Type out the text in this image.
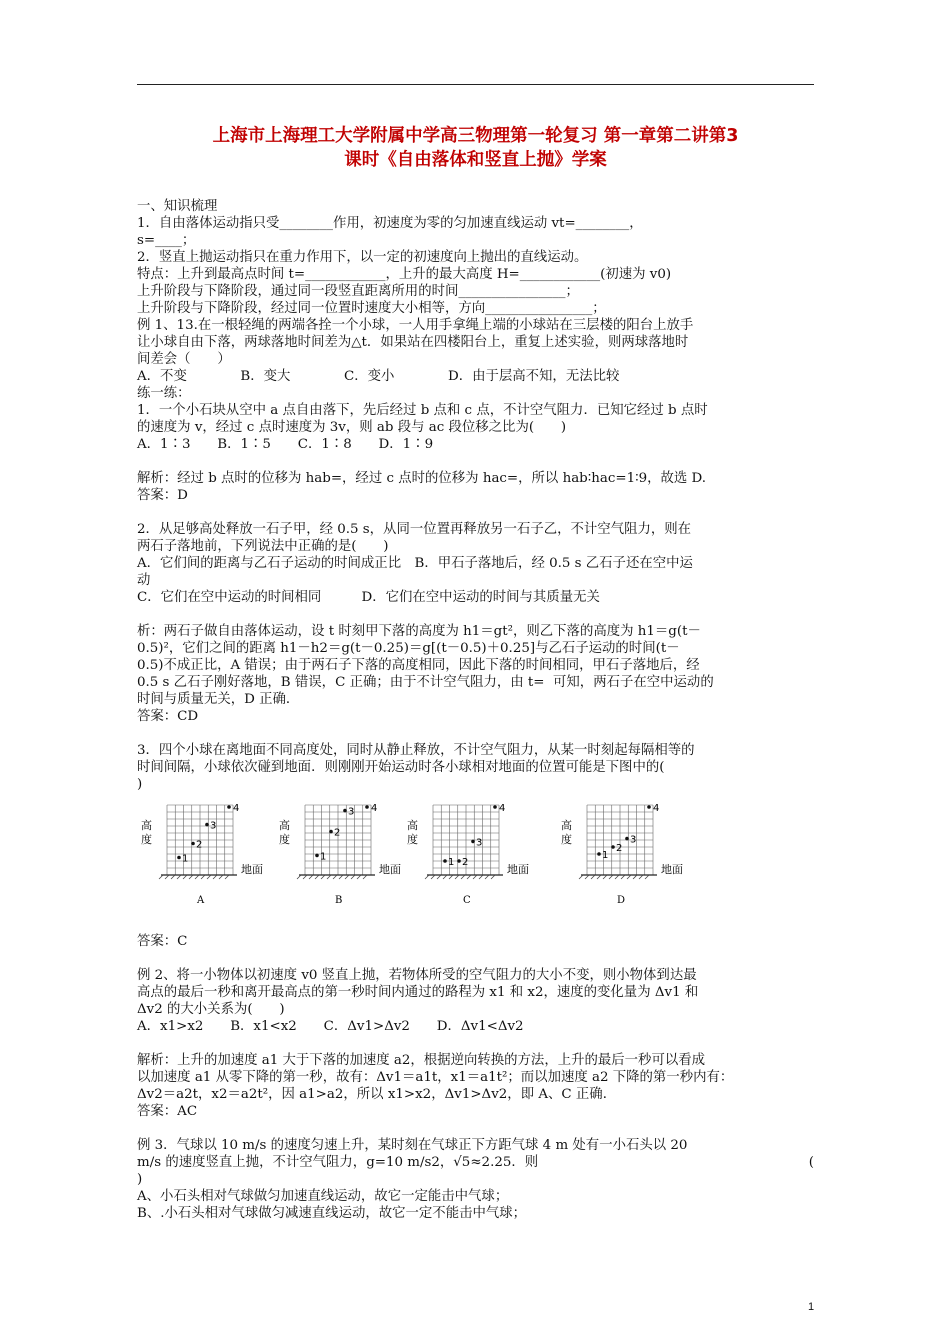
上海市上海理工大学附属中学高三物理第一轮复习 第一章第二讲第3
课时《自由落体和竖直上抛》学案

一、知识梳理

1．自由落体运动指只受________作用，初速度为零的匀加速直线运动 vt=________，

s=____；

2．竖直上抛运动指只在重力作用下，以一定的初速度向上抛出的直线运动。

特点：上升到最高点时间 t=____________，上升的最大高度 H=____________(初速为 v0)

上升阶段与下降阶段，通过同一段竖直距离所用的时间________________；

上升阶段与下降阶段，经过同一位置时速度大小相等，方向________________；

例 1、13.在一根轻绳的两端各拴一个小球，一人用手拿绳上端的小球站在三层楼的阳台上放手

让小球自由下落，两球落地时间差为△t．如果站在四楼阳台上，重复上述实验，则两球落地时

间差会（　　）

A．不变　　　　B．变大　　　　C．变小　　　　D．由于层高不知，无法比较

练一练：

1．一个小石块从空中 a 点自由落下，先后经过 b 点和 c 点，不计空气阻力．已知它经过 b 点时

的速度为 v，经过 c 点时速度为 3v，则 ab 段与 ac 段位移之比为(　　)

A．1∶3　　B．1∶5　　C．1∶8　　D．1∶9

解析：经过 b 点时的位移为 hab=，经过 c 点时的位移为 hac=，所以 hab∶hac=1∶9，故选 D.

答案：D

2．从足够高处释放一石子甲，经 0.5 s，从同一位置再释放另一石子乙，不计空气阻力，则在

两石子落地前，下列说法中正确的是(　　)

A．它们间的距离与乙石子运动的时间成正比　B．甲石子落地后，经 0.5 s 乙石子还在空中运

动

C．它们在空中运动的时间相同　　　D．它们在空中运动的时间与其质量无关

析：两石子做自由落体运动，设 t 时刻甲下落的高度为 h1＝gt²，则乙下落的高度为 h1＝g(t－

0.5)²，它们之间的距离 h1－h2＝g(t－0.25)＝g[(t－0.5)＋0.25]与乙石子运动的时间(t－

0.5)不成正比，A 错误；由于两石子下落的高度相同，因此下落的时间相同，甲石子落地后，经

0.5 s 乙石子刚好落地，B 错误，C 正确；由于不计空气阻力，由 t=  可知，两石子在空中运动的

时间与质量无关，D 正确．

答案：CD

3．四个小球在离地面不同高度处，同时从静止释放，不计空气阻力，从某一时刻起每隔相等的

时间间隔，小球依次碰到地面．则刚刚开始运动时各小球相对地面的位置可能是下图中的(

)

4
1
2
3
高
度
地面
A
4
1
2
3
高
度
地面
B
4
1 2
3
高
度
地面
C
4
1
2
3
高
度
地面
D

答案：C

例 2、将一小物体以初速度 v0 竖直上抛，若物体所受的空气阻力的大小不变，则小物体到达最

高点的最后一秒和离开最高点的第一秒时间内通过的路程为 x1 和 x2，速度的变化量为 Δv1 和

Δv2 的大小关系为(　　)

A．x1>x2　　B．x1<x2　　C．Δv1>Δv2　　D．Δv1<Δv2

解析：上升的加速度 a1 大于下落的加速度 a2，根据逆向转换的方法，上升的最后一秒可以看成

以加速度 a1 从零下降的第一秒，故有：Δv1＝a1t，x1＝a1t²；而以加速度 a2 下降的第一秒内有：

Δv2＝a2t，x2＝a2t²，因 a1>a2，所以 x1>x2，Δv1>Δv2，即 A、C 正确．

答案：AC

例 3．气球以 10 m/s 的速度匀速上升，某时刻在气球正下方距气球 4 m 处有一小石头以 20

m/s 的速度竖直上抛，不计空气阻力，g=10 m/s2，√5≈2.25．则	(

)

A、小石头相对气球做匀加速直线运动，故它一定能击中气球；

B、.小石头相对气球做匀减速直线运动，故它一定不能击中气球；

1
